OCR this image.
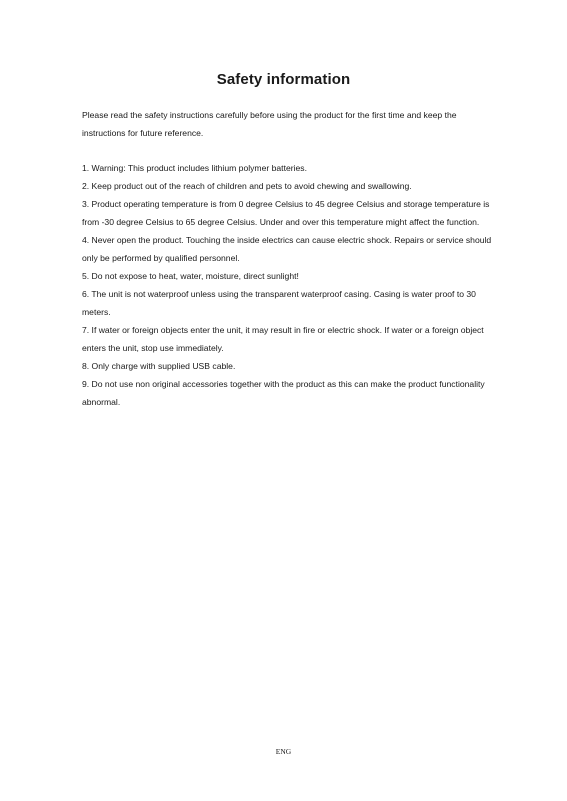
Safety information

Please read the safety instructions carefully before using the product for the first time and keep the instructions for future reference.

1. Warning: This product includes lithium polymer batteries.
2. Keep product out of the reach of children and pets to avoid chewing and swallowing.
3. Product operating temperature is from 0 degree Celsius to 45 degree Celsius and storage temperature is from -30 degree Celsius to 65 degree Celsius. Under and over this temperature might affect the function.
4. Never open the product. Touching the inside electrics can cause electric shock. Repairs or service should only be performed by qualified personnel.
5. Do not expose to heat, water, moisture, direct sunlight!
6. The unit is not waterproof unless using the transparent waterproof casing. Casing is water proof to 30 meters.
7. If water or foreign objects enter the unit, it may result in fire or electric shock. If water or a foreign object enters the unit, stop use immediately.
8. Only charge with supplied USB cable.
9. Do not use non original accessories together with the product as this can make the product functionality abnormal.
ENG
